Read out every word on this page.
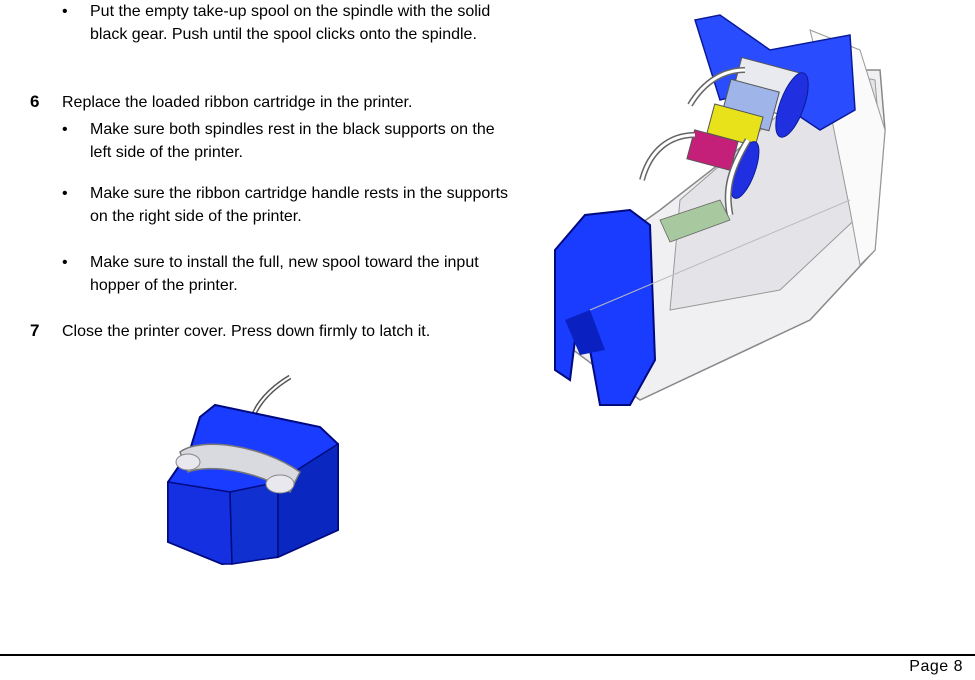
• Put the empty take-up spool on the spindle with the solid black gear. Push until the spool clicks onto the spindle.
6 Replace the loaded ribbon cartridge in the printer.
• Make sure both spindles rest in the black supports on the left side of the printer.
• Make sure the ribbon cartridge handle rests in the supports on the right side of the printer.
• Make sure to install the full, new spool toward the input hopper of the printer.
7 Close the printer cover. Press down firmly to latch it.
Page 8
